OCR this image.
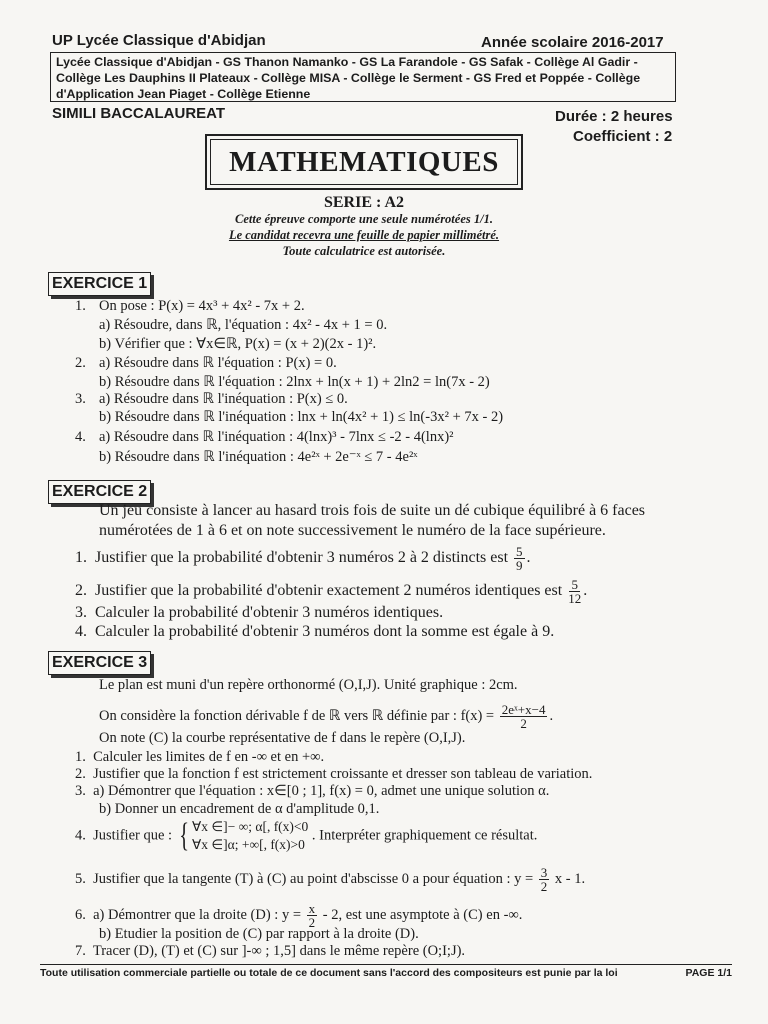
UP Lycée Classique d'Abidjan	Année scolaire 2016-2017
Lycée Classique d'Abidjan - GS Thanon Namanko - GS La Farandole - GS Safak - Collège Al Gadir - Collège Les Dauphins II Plateaux - Collège MISA - Collège le Serment - GS Fred et Poppée - Collège d'Application Jean Piaget - Collège Etienne
SIMILI BACCALAUREAT	Durée : 2 heures
Coefficient : 2
MATHEMATIQUES
SERIE : A2
Cette épreuve comporte une seule numérotées 1/1.
Le candidat recevra une feuille de papier millimétré.
Toute calculatrice est autorisée.
EXERCICE 1
1. On pose : P(x) = 4x³ + 4x² - 7x + 2.
a) Résoudre, dans ℝ, l'équation : 4x² - 4x + 1 = 0.
b) Vérifier que : ∀x∈ℝ, P(x) = (x + 2)(2x - 1)².
2. a) Résoudre dans ℝ l'équation : P(x) = 0.
b) Résoudre dans ℝ l'équation : 2lnx + ln(x + 1) + 2ln2 = ln(7x - 2)
3. a) Résoudre dans ℝ l'inéquation : P(x) ≤ 0.
b) Résoudre dans ℝ l'inéquation : lnx + ln(4x² + 1) ≤ ln(-3x² + 7x - 2)
4. a) Résoudre dans ℝ l'inéquation : 4(lnx)³ - 7lnx ≤ -2 - 4(lnx)²
b) Résoudre dans ℝ l'inéquation : 4e²ˣ + 2e⁻ˣ ≤ 7 - 4e²ˣ
EXERCICE 2
Un jeu consiste à lancer au hasard trois fois de suite un dé cubique équilibré à 6 faces
numérotées de 1 à 6 et on note successivement le numéro de la face supérieure.
1. Justifier que la probabilité d'obtenir 3 numéros 2 à 2 distincts est $\frac{5}{9}$ .
2. Justifier que la probabilité d'obtenir exactement 2 numéros identiques est $\frac{5}{12}$ .
3. Calculer la probabilité d'obtenir 3 numéros identiques.
4. Calculer la probabilité d'obtenir 3 numéros dont la somme est égale à 9.
EXERCICE 3
Le plan est muni d'un repère orthonormé (O,I,J). Unité graphique : 2cm.
On considère la fonction dérivable f de ℝ vers ℝ définie par : $f(x) = \frac{\text{2eˣ+x−4}}{2}$ .
On note (C) la courbe représentative de f dans le repère (O,I,J).
1. Calculer les limites de f en -∞ et en +∞.
2. Justifier que la fonction f est strictement croissante et dresser son tableau de variation.
3. a) Démontrer que l'équation : x∈[0 ; 1], f(x) = 0, admet une unique solution α.
b) Donner un encadrement de α d'amplitude 0,1.
4. Justifier que : { ∀x ∈]− ∞; α[, f(x)<0
∀x ∈]α; +∞[, f(x)>0
. Interpréter graphiquement ce résultat.
5. Justifier que la tangente (T) à (C) au point d'abscisse 0 a pour équation : $y = \frac{3}{2}$ x - 1.
6. a) Démontrer que la droite (D) : $y = \frac{x}{2} - 2$, est une asymptote à (C) en -∞.
b) Etudier la position de (C) par rapport à la droite (D).
7. Tracer (D), (T) et (C) sur ]-∞ ; 1,5] dans le même repère (O;I;J).
Toute utilisation commerciale partielle ou totale de ce document sans l'accord des compositeurs est punie par la loi	PAGE 1/1
